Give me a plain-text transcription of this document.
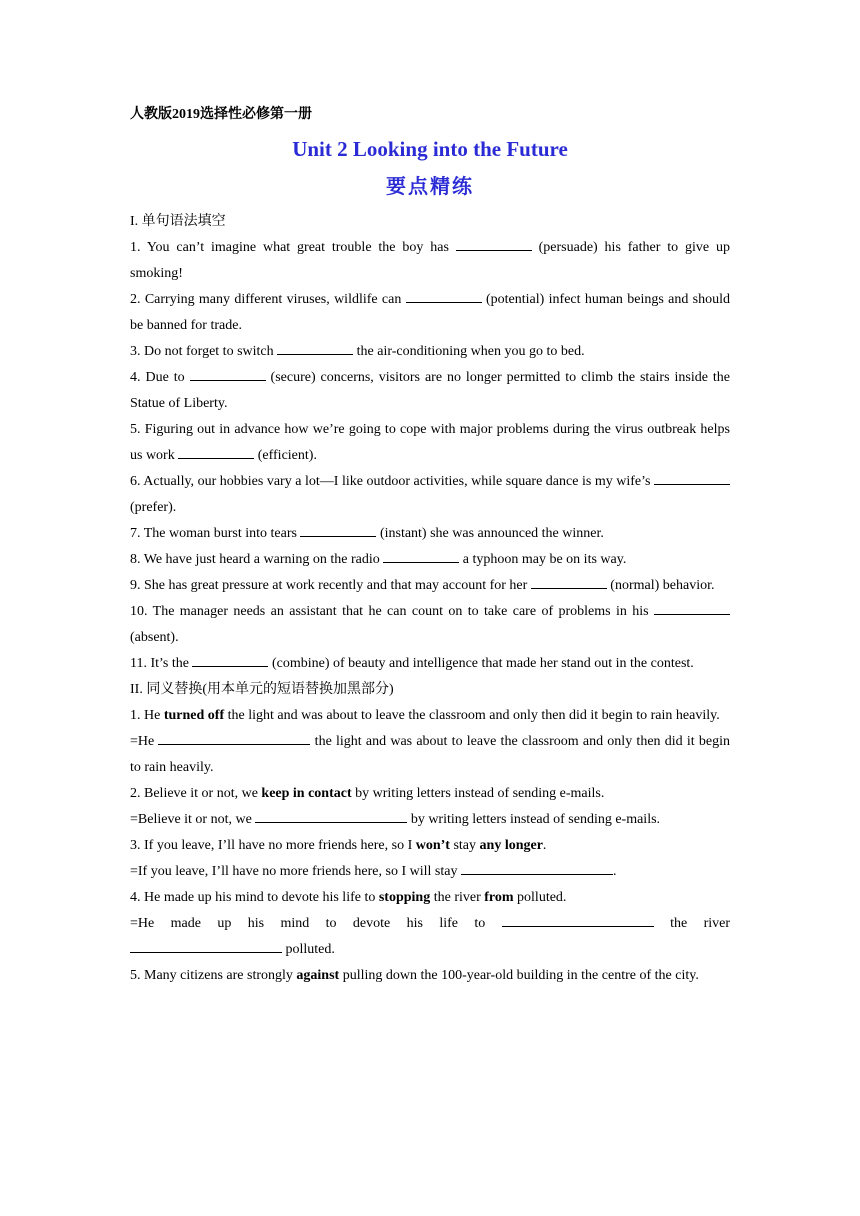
人教版2019选择性必修第一册
Unit 2 Looking into the Future
要点精练
I. 单句语法填空
1. You can’t imagine what great trouble the boy has	(persuade) his father to give up smoking!
2. Carrying many different viruses, wildlife can	(potential) infect human beings and should be banned for trade.
3. Do not forget to switch	the air-conditioning when you go to bed.
4. Due to	(secure) concerns, visitors are no longer permitted to climb the stairs inside the Statue of Liberty.
5. Figuring out in advance how we’re going to cope with major problems during the virus outbreak helps us work	(efficient).
6. Actually, our hobbies vary a lot—I like outdoor activities, while square dance is my wife’s  (prefer).
7. The woman burst into tears	(instant) she was announced the winner.
8. We have just heard a warning on the radio	a typhoon may be on its way.
9. She has great pressure at work recently and that may account for her	(normal) behavior.
10. The manager needs an assistant that he can count on to take care of problems in his (absent).
11. It’s the	(combine) of beauty and intelligence that made her stand out in the contest.
II. 同义替换(用本单元的短语替换加黑部分)
1. He turned off the light and was about to leave the classroom and only then did it begin to rain heavily.
=He	the light and was about to leave the classroom and only then did it begin to rain heavily.
2. Believe it or not, we keep in contact by writing letters instead of sending e-mails.
=Believe it or not, we	by writing letters instead of sending e-mails.
3. If you leave, I’ll have no more friends here, so I won’t stay any longer.
=If you leave, I’ll have no more friends here, so I will stay	.
4. He made up his mind to devote his life to stopping the river from polluted.
=He made up his mind to devote his life to	the river
polluted.
5. Many citizens are strongly against pulling down the 100-year-old building in the centre of the city.
